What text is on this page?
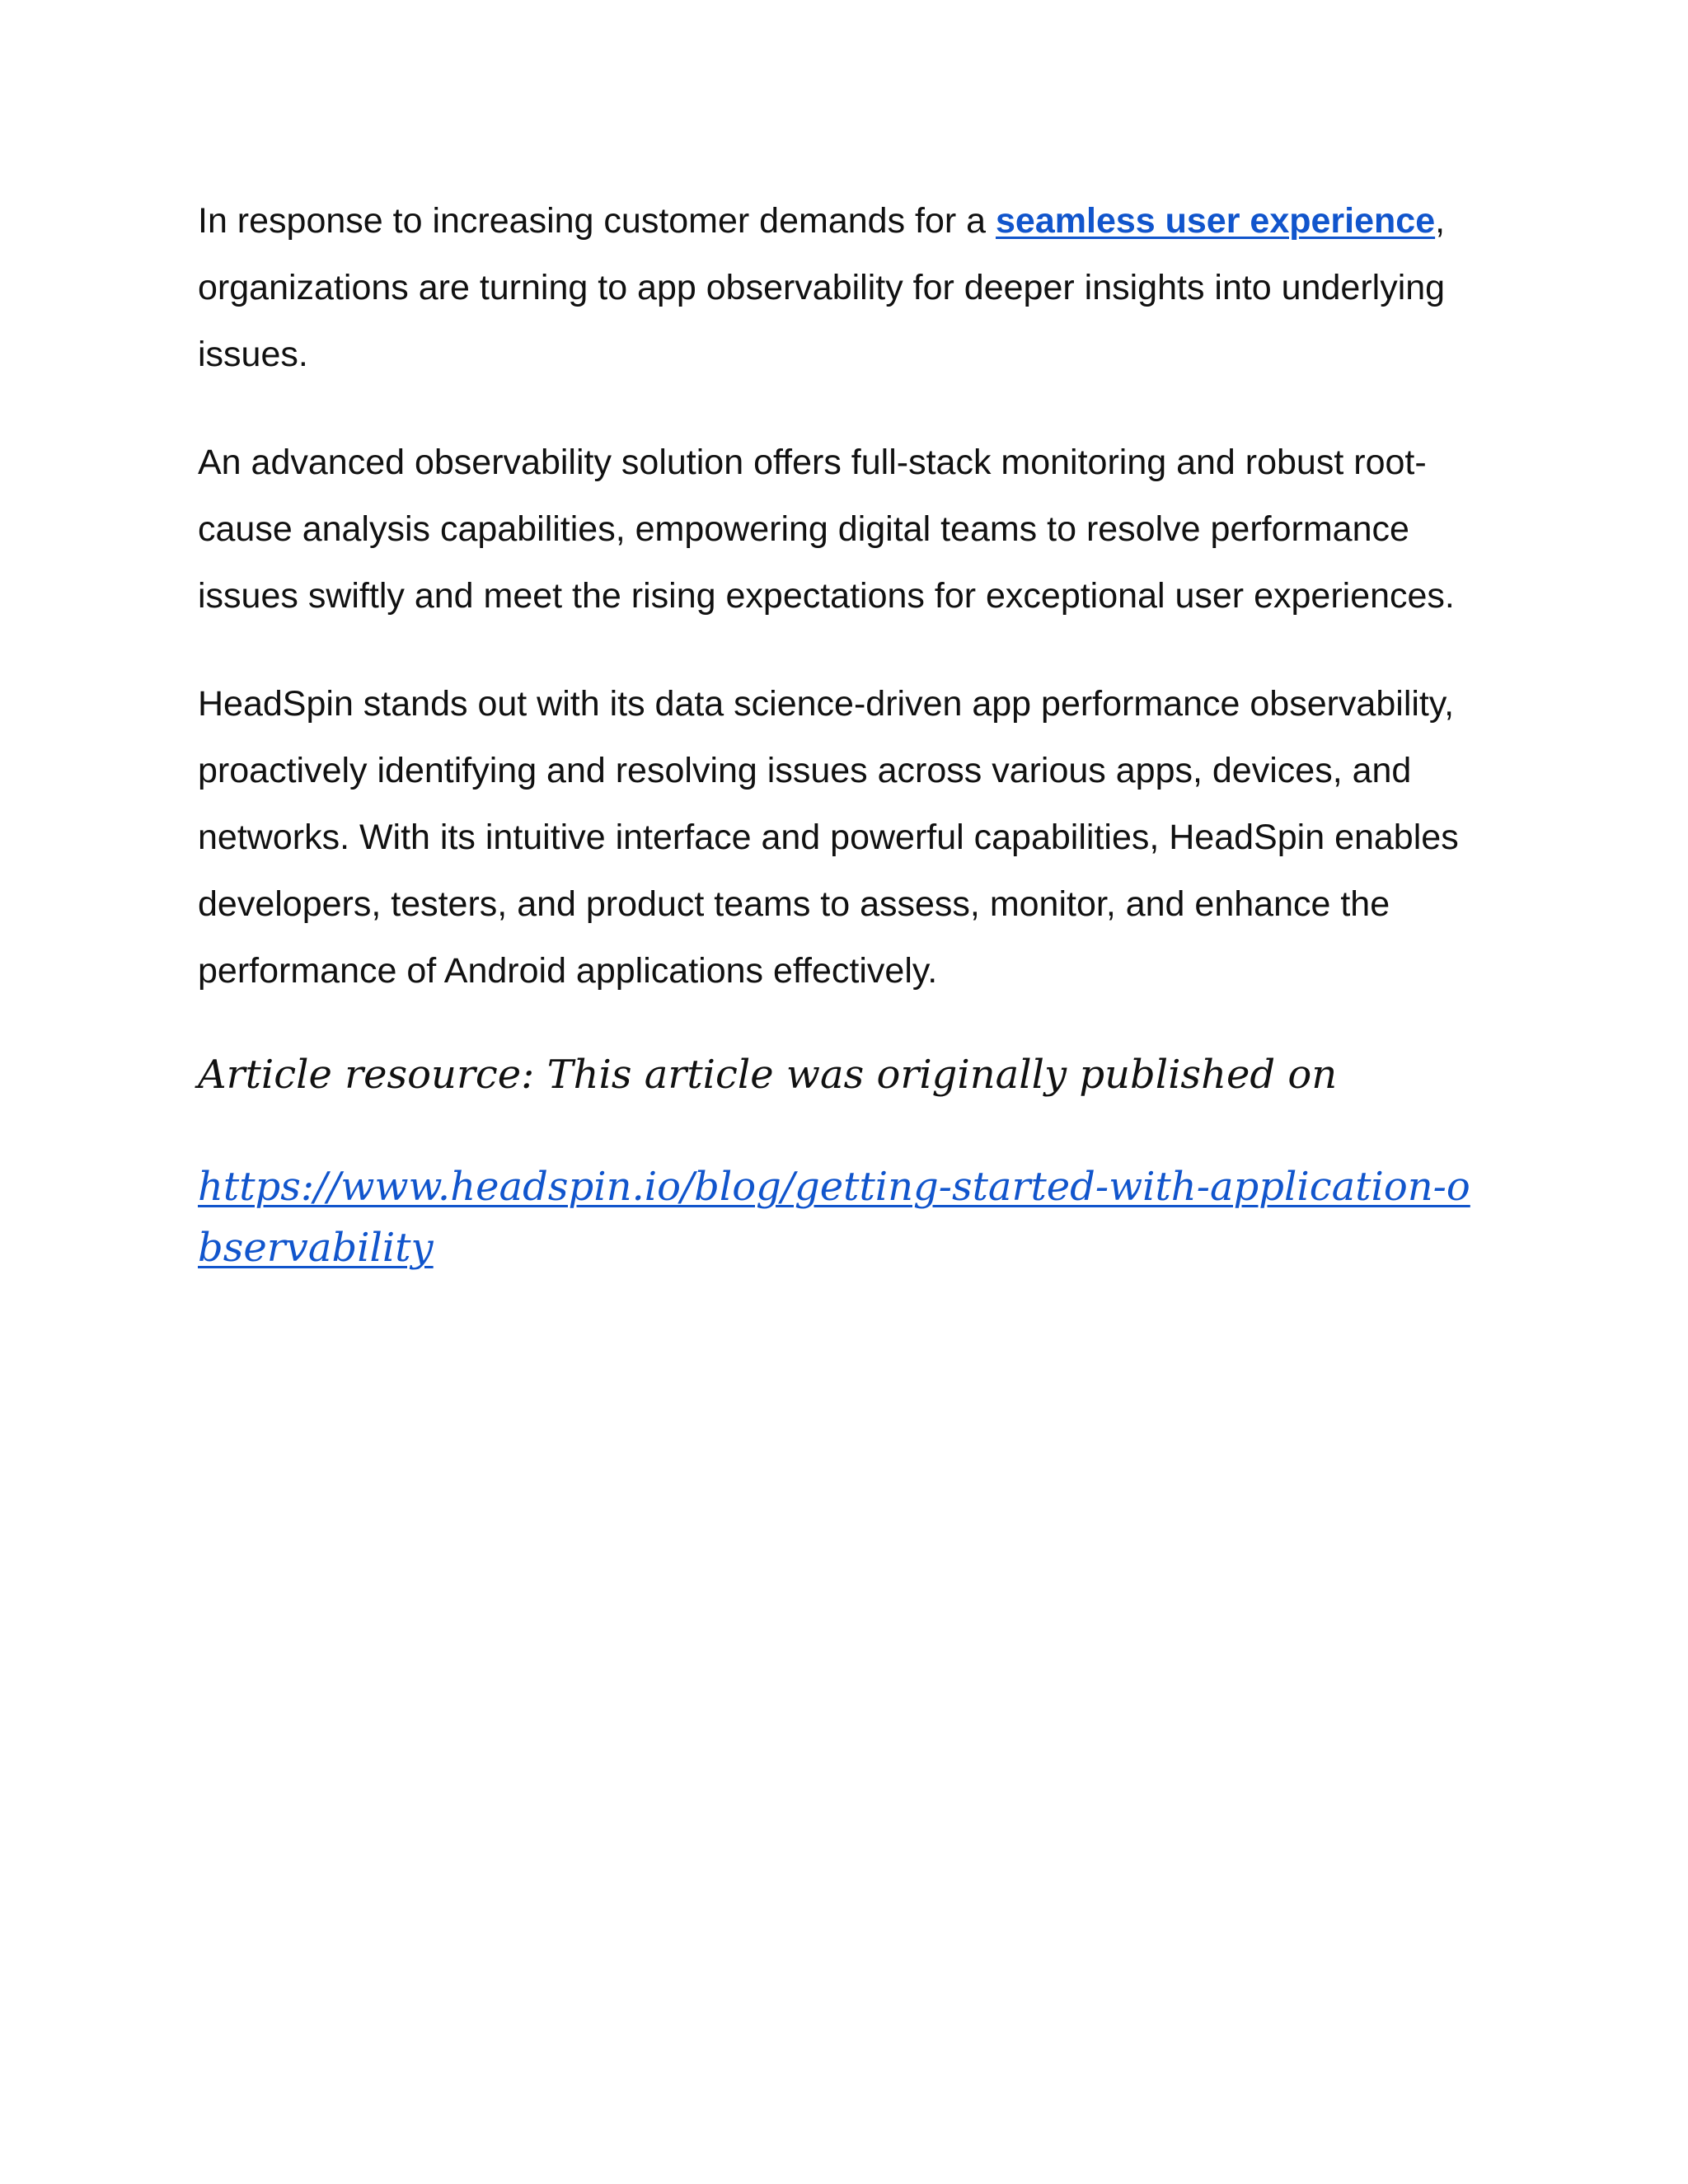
In response to increasing customer demands for a seamless user experience, organizations are turning to app observability for deeper insights into underlying issues.

An advanced observability solution offers full-stack monitoring and robust root-cause analysis capabilities, empowering digital teams to resolve performance issues swiftly and meet the rising expectations for exceptional user experiences.

HeadSpin stands out with its data science-driven app performance observability, proactively identifying and resolving issues across various apps, devices, and networks. With its intuitive interface and powerful capabilities, HeadSpin enables developers, testers, and product teams to assess, monitor, and enhance the performance of Android applications effectively.

Article resource: This article was originally published on

https://www.headspin.io/blog/getting-started-with-application-observability
